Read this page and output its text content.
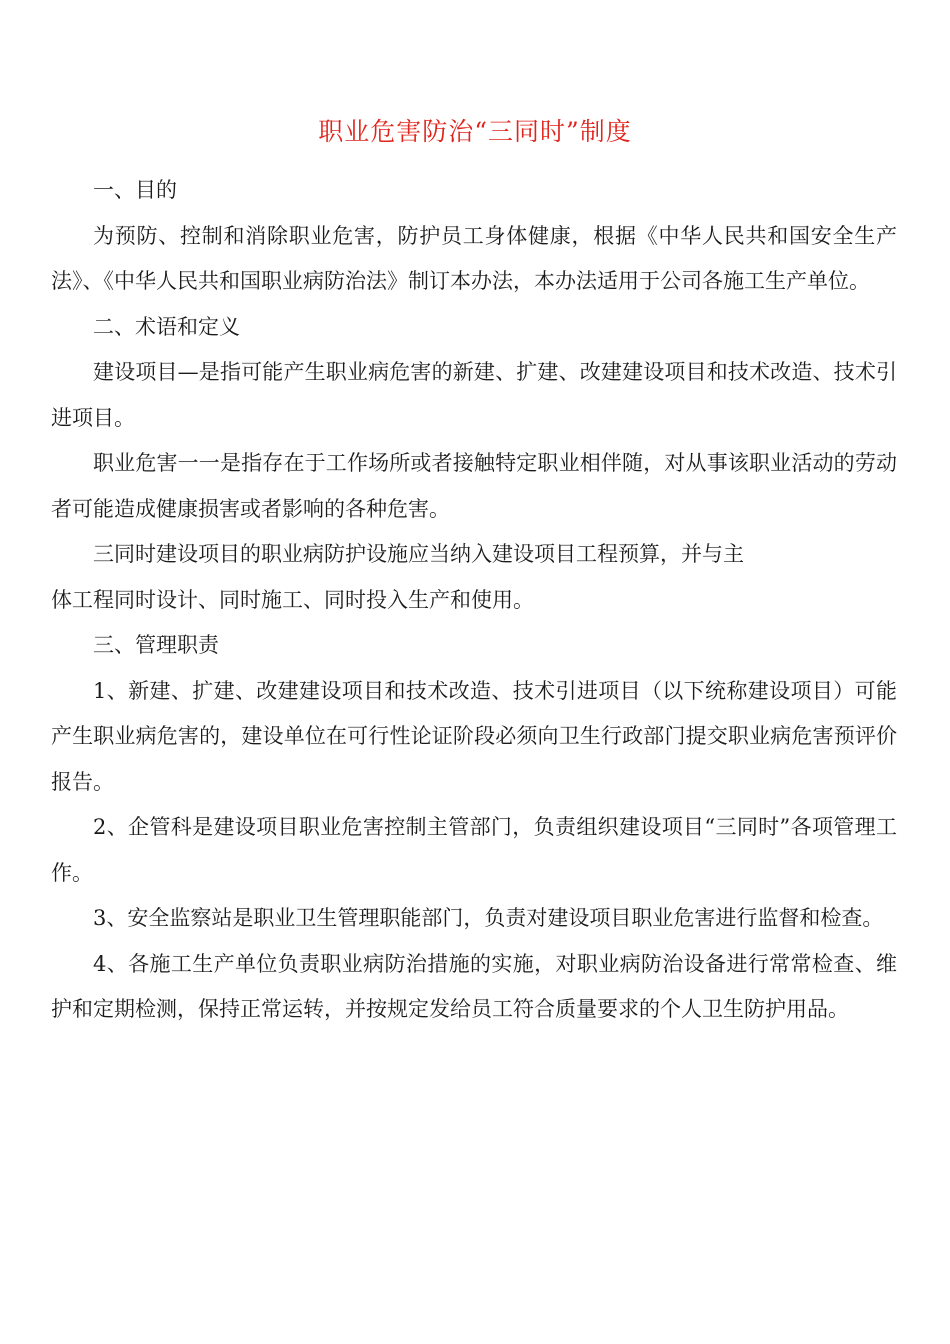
职业危害防治“三同时”制度

一、目的

为预防、控制和消除职业危害，防护员工身体健康，根据《中华人民共和国安全生产法》、《中华人民共和国职业病防治法》制订本办法，本办法适用于公司各施工生产单位。

二、术语和定义

建设项目—是指可能产生职业病危害的新建、扩建、改建建设项目和技术改造、技术引进项目。

职业危害一一是指存在于工作场所或者接触特定职业相伴随，对从事该职业活动的劳动者可能造成健康损害或者影响的各种危害。

三同时建设项目的职业病防护设施应当纳入建设项目工程预算，并与主

体工程同时设计、同时施工、同时投入生产和使用。

三、管理职责

1、新建、扩建、改建建设项目和技术改造、技术引进项目（以下统称建设项目）可能产生职业病危害的，建设单位在可行性论证阶段必须向卫生行政部门提交职业病危害预评价报告。

2、企管科是建设项目职业危害控制主管部门，负责组织建设项目“三同时”各项管理工作。

3、安全监察站是职业卫生管理职能部门，负责对建设项目职业危害进行监督和检查。

4、各施工生产单位负责职业病防治措施的实施，对职业病防治设备进行常常检查、维护和定期检测，保持正常运转，并按规定发给员工符合质量要求的个人卫生防护用品。
